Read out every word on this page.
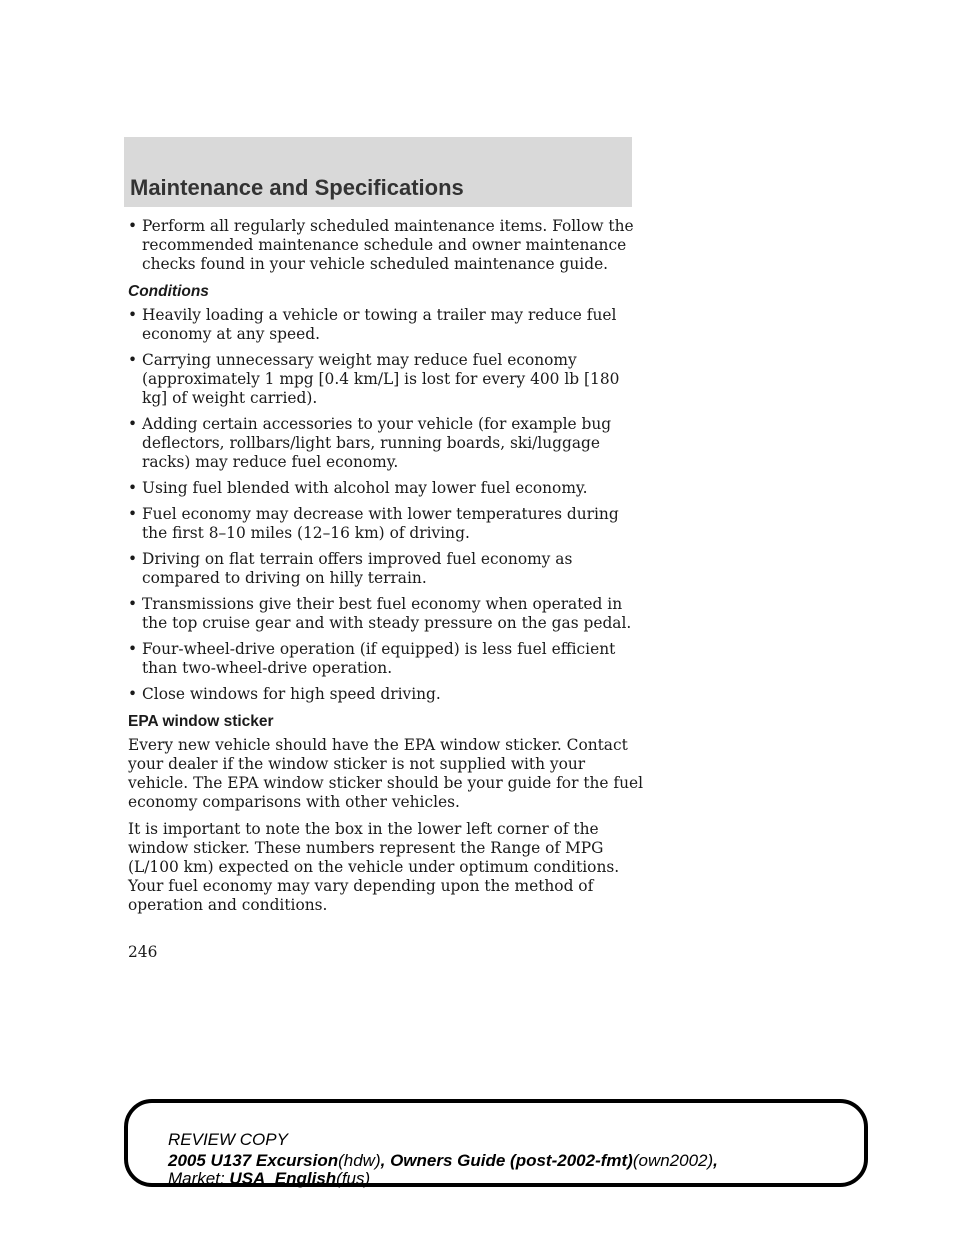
Maintenance and Specifications
• Perform all regularly scheduled maintenance items. Follow the recommended maintenance schedule and owner maintenance checks found in your vehicle scheduled maintenance guide.
Conditions
• Heavily loading a vehicle or towing a trailer may reduce fuel economy at any speed.
• Carrying unnecessary weight may reduce fuel economy (approximately 1 mpg [0.4 km/L] is lost for every 400 lb [180 kg] of weight carried).
• Adding certain accessories to your vehicle (for example bug deflectors, rollbars/light bars, running boards, ski/luggage racks) may reduce fuel economy.
• Using fuel blended with alcohol may lower fuel economy.
• Fuel economy may decrease with lower temperatures during the first 8–10 miles (12–16 km) of driving.
• Driving on flat terrain offers improved fuel economy as compared to driving on hilly terrain.
• Transmissions give their best fuel economy when operated in the top cruise gear and with steady pressure on the gas pedal.
• Four-wheel-drive operation (if equipped) is less fuel efficient than two-wheel-drive operation.
• Close windows for high speed driving.
EPA window sticker

Every new vehicle should have the EPA window sticker. Contact your dealer if the window sticker is not supplied with your vehicle. The EPA window sticker should be your guide for the fuel economy comparisons with other vehicles.

It is important to note the box in the lower left corner of the window sticker. These numbers represent the Range of MPG (L/100 km) expected on the vehicle under optimum conditions. Your fuel economy may vary depending upon the method of operation and conditions.

246
REVIEW COPY
2005 U137 Excursion(hdw), Owners Guide (post-2002-fmt)(own2002),
Market: USA_English(fus)
